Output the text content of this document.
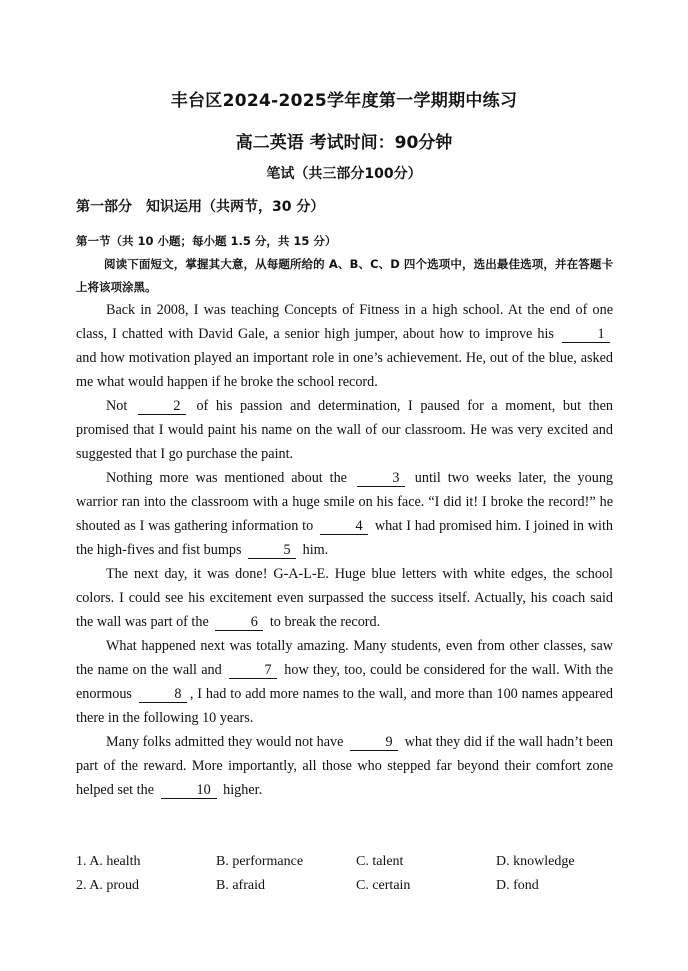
丰台区2024-2025学年度第一学期期中练习
高二英语 考试时间：90分钟
笔试（共三部分100分）
第一部分 知识运用（共两节，30 分）
第一节（共 10 小题；每小题 1.5 分，共 15 分）
阅读下面短文，掌握其大意，从每题所给的 A、B、C、D 四个选项中，选出最佳选项，并在答题卡上将该项涂黑。

Back in 2008, I was teaching Concepts of Fitness in a high school. At the end of one class, I chatted with David Gale, a senior high jumper, about how to improve his	1 and how motivation played an important role in one’s achievement. He, out of the blue, asked me what would happen if he broke the school record.

Not	2 of his passion and determination, I paused for a moment, but then promised that I would paint his name on the wall of our classroom. He was very excited and suggested that I go purchase the paint.

Nothing more was mentioned about the	3 until two weeks later, the young warrior ran into the classroom with a huge smile on his face. “I did it! I broke the record!” he shouted as I was gathering information to	4 what I had promised him. I joined in with the high-fives and fist bumps	5 him.

The next day, it was done! G-A-L-E. Huge blue letters with white edges, the school colors. I could see his excitement even surpassed the success itself. Actually, his coach said the wall was part of the	6 to break the record.

What happened next was totally amazing. Many students, even from other classes, saw the name on the wall and	7 how they, too, could be considered for the wall. With the enormous	8 , I had to add more names to the wall, and more than 100 names appeared there in the following 10 years.

Many folks admitted they would not have	9 what they did if the wall hadn’t been part of the reward. More importantly, all those who stepped far beyond their comfort zone helped set the	10 higher.

1. A. health	B. performance	C. talent	D. knowledge
2. A. proud	B. afraid	C. certain	D. fond
